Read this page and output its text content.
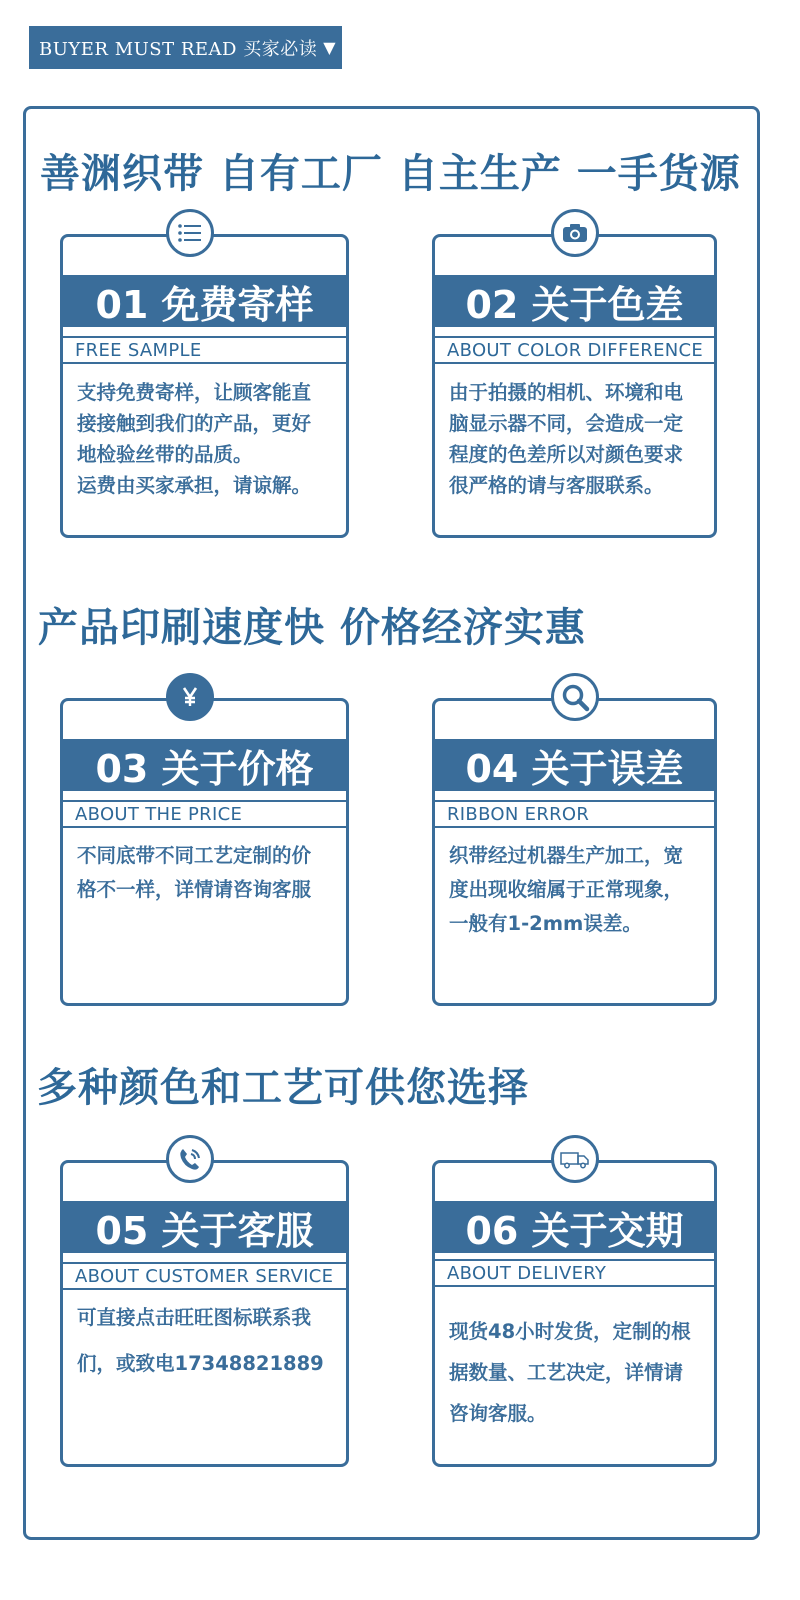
BUYER MUST READ 买家必读 ▼
善渊织带 自有工厂 自主生产 一手货源
产品印刷速度快 价格经济实惠
多种颜色和工艺可供您选择
01 免费寄样
FREE SAMPLE
支持免费寄样，让顾客能直
接接触到我们的产品，更好
地检验丝带的品质。
运费由买家承担，请谅解。
02 关于色差
ABOUT COLOR DIFFERENCE
由于拍摄的相机、环境和电
脑显示器不同，会造成一定
程度的色差所以对颜色要求
很严格的请与客服联系。
03 关于价格
ABOUT THE PRICE
不同底带不同工艺定制的价
格不一样，详情请咨询客服
04 关于误差
RIBBON ERROR
织带经过机器生产加工，宽
度出现收缩属于正常现象，
一般有1-2mm误差。
05 关于客服
ABOUT CUSTOMER SERVICE
可直接点击旺旺图标联系我
们，或致电17348821889
06 关于交期
ABOUT DELIVERY
现货48小时发货，定制的根
据数量、工艺决定，详情请
咨询客服。
